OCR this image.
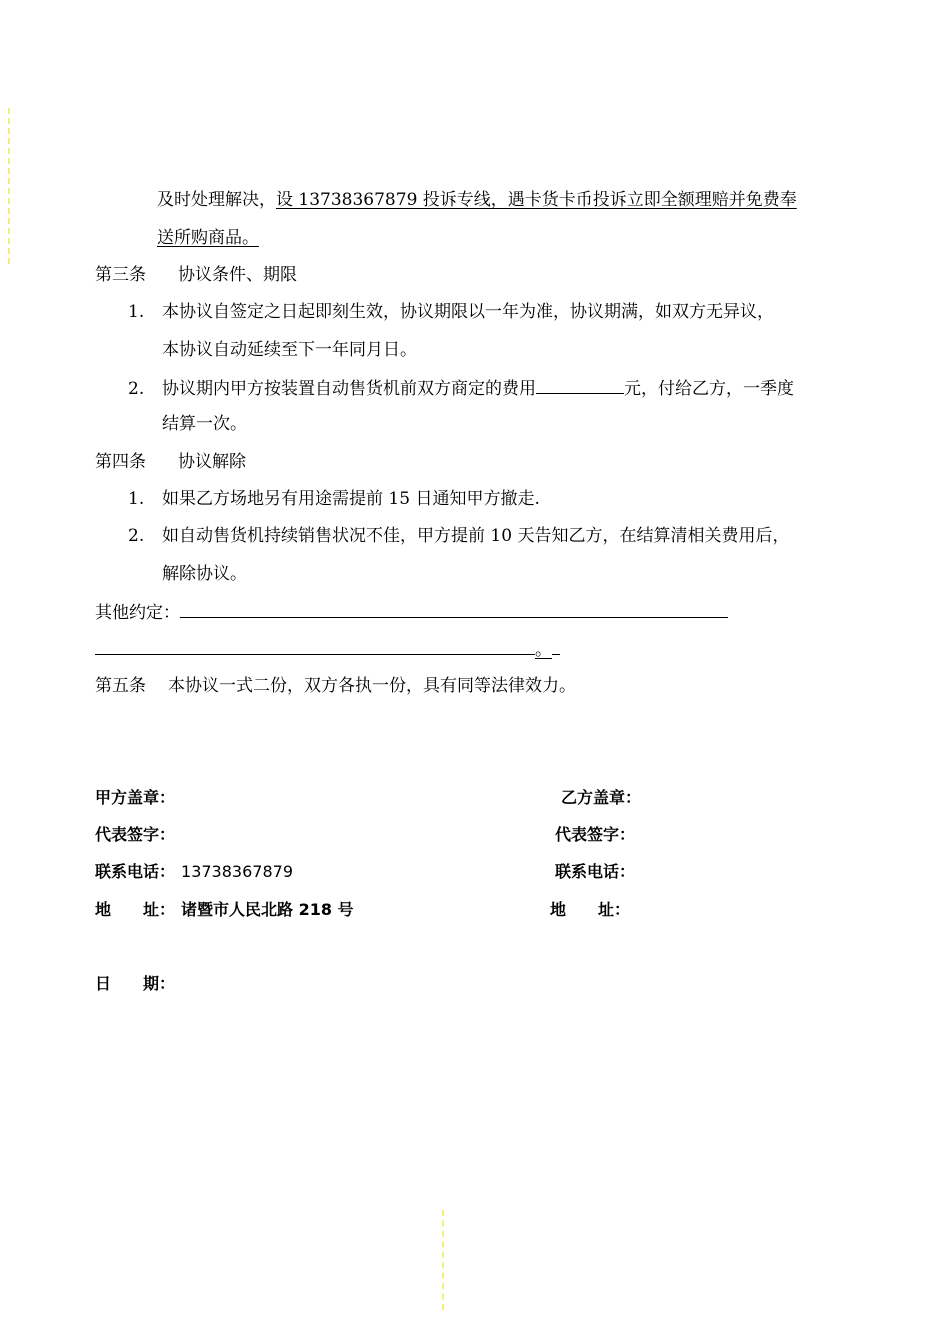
及时处理解决，设 13738367879 投诉专线，遇卡货卡币投诉立即全额理赔并免费奉
送所购商品。
第三条 协议条件、期限
1. 本协议自签定之日起即刻生效，协议期限以一年为准，协议期满，如双方无异议，
本协议自动延续至下一年同月日。
2. 协议期内甲方按装置自动售货机前双方商定的费用	元，付给乙方，一季度
结算一次。
第四条 协议解除
1. 如果乙方场地另有用途需提前 15 日通知甲方撤走.
2. 如自动售货机持续销售状况不佳，甲方提前 10 天告知乙方，在结算清相关费用后，
解除协议。
其他约定：
。
第五条 本协议一式二份，双方各执一份，具有同等法律效力。
甲方盖章：
代表签字：
联系电话： 13738367879
地　　址： 诸暨市人民北路 218 号
乙方盖章：
代表签字：
联系电话：
地　　址：
日　　期：
